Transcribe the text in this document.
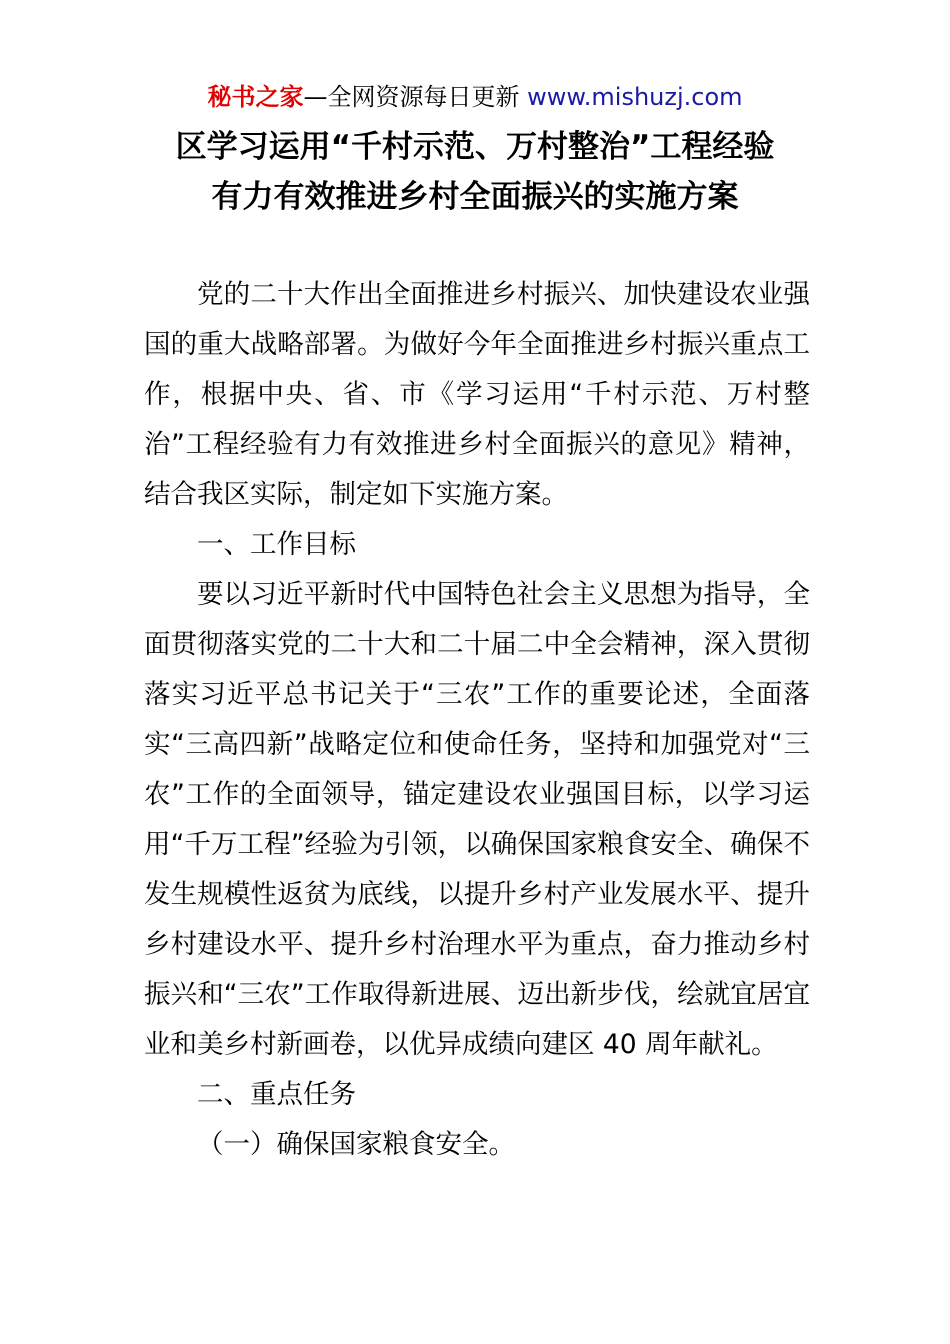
秘书之家—全网资源每日更新 www.mishuzj.com
区学习运用“千村示范、万村整治”工程经验
有力有效推进乡村全面振兴的实施方案

党的二十大作出全面推进乡村振兴、加快建设农业强国的重大战略部署。为做好今年全面推进乡村振兴重点工作，根据中央、省、市《学习运用“千村示范、万村整治”工程经验有力有效推进乡村全面振兴的意见》精神，结合我区实际，制定如下实施方案。

一、工作目标

要以习近平新时代中国特色社会主义思想为指导，全面贯彻落实党的二十大和二十届二中全会精神，深入贯彻落实习近平总书记关于“三农”工作的重要论述，全面落实“三高四新”战略定位和使命任务，坚持和加强党对“三农”工作的全面领导，锚定建设农业强国目标，以学习运用“千万工程”经验为引领，以确保国家粮食安全、确保不发生规模性返贫为底线，以提升乡村产业发展水平、提升乡村建设水平、提升乡村治理水平为重点，奋力推动乡村振兴和“三农”工作取得新进展、迈出新步伐，绘就宜居宜业和美乡村新画卷，以优异成绩向建区 40 周年献礼。

二、重点任务

（一）确保国家粮食安全。
